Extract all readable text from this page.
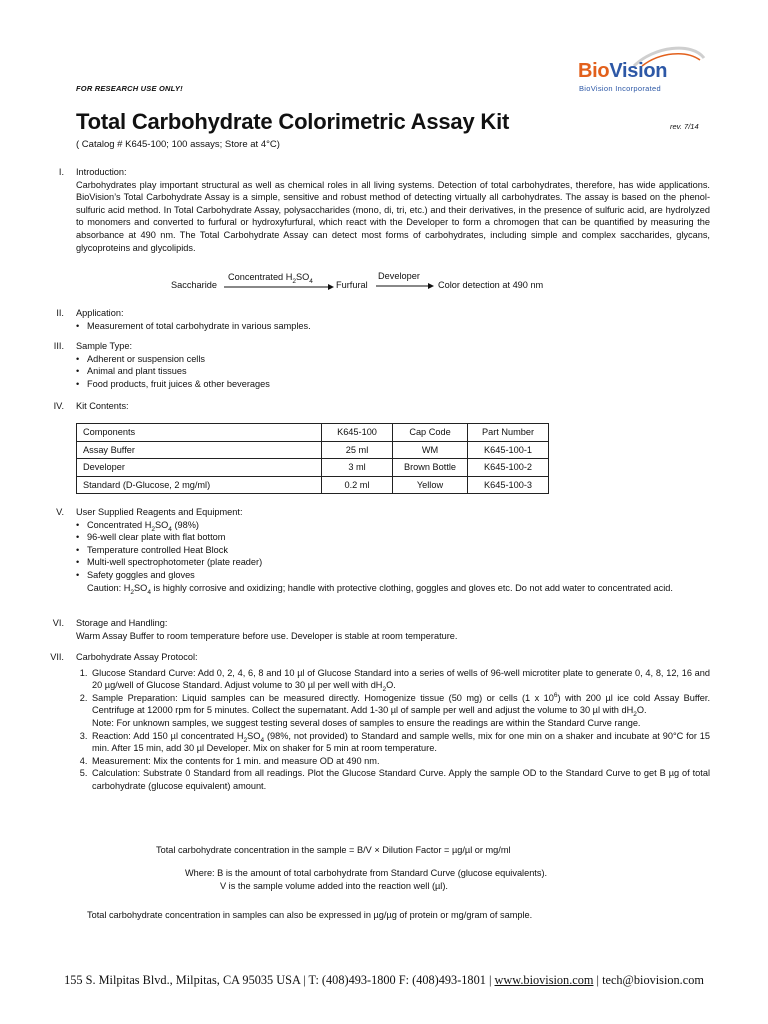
FOR RESEARCH USE ONLY!
BioVision
BioVision Incorporated
Total Carbohydrate Colorimetric Assay Kit	rev. 7/14
( Catalog # K645-100; 100 assays; Store at 4°C)
I. Introduction:
Carbohydrates play important structural as well as chemical roles in all living systems. Detection of total carbohydrates, therefore, has wide applications. BioVision’s Total Carbohydrate Assay is a simple, sensitive and robust method of detecting virtually all carbohydrates. The assay is based on the phenol-sulfuric acid method. In Total Carbohydrate Assay, polysaccharides (mono, di, tri, etc.) and their derivatives, in the presence of sulfuric acid, are hydrolyzed to monomers and converted to furfural or hydroxyfurfural, which react with the Developer to form a chromogen that can be quantified by measuring the absorbance at 490 nm. The Total Carbohydrate Assay can detect most forms of carbohydrates, including simple and complex saccharides, glycans, glycoproteins and glycolipids.
Saccharide
Concentrated $H_2SO_4$	Furfural
Developer
Color detection at 490 nm
II. Application:
• Measurement of total carbohydrate in various samples.
III. Sample Type:
• Adherent or suspension cells
• Animal and plant tissues
• Food products, fruit juices & other beverages
IV. Kit Contents:
Components	K645-100	Cap Code	Part Number
Assay Buffer	25 ml	WM	K645-100-1
Developer	3 ml	Brown Bottle	K645-100-2
Standard (D-Glucose, 2 mg/ml)	0.2 ml	Yellow	K645-100-3
V. User Supplied Reagents and Equipment:
• Concentrated $H_2SO_4$ (98%)
• 96-well clear plate with flat bottom
• Temperature controlled Heat Block
• Multi-well spectrophotometer (plate reader)
• Safety goggles and gloves
Caution: $H_2SO_4$ is highly corrosive and oxidizing; handle with protective clothing, goggles and gloves etc. Do not add water to concentrated acid.
VI. Storage and Handling:
Warm Assay Buffer to room temperature before use. Developer is stable at room temperature.
VII. Carbohydrate Assay Protocol:
1. Glucose Standard Curve: Add 0, 2, 4, 6, 8 and 10 µl of Glucose Standard into a series of wells of 96-well microtiter plate to generate 0, 4, 8, 12, 16 and 20 µg/well of Glucose Standard. Adjust volume to 30 µl per well with $dH_2O$.
2. Sample Preparation: Liquid samples can be measured directly. Homogenize tissue (50 mg) or cells (1 x $10^6$) with 200 µl ice cold Assay Buffer. Centrifuge at 12000 rpm for 5 minutes. Collect the supernatant. Add 1-30 µl of sample per well and adjust the volume to 30 µl with $dH_2O$.
Note: For unknown samples, we suggest testing several doses of samples to ensure the readings are within the Standard Curve range.
3. Reaction: Add 150 µl concentrated $H_2SO_4$ (98%, not provided) to Standard and sample wells, mix for one min on a shaker and incubate at 90°C for 15 min. After 15 min, add 30 µl Developer. Mix on shaker for 5 min at room temperature.
4. Measurement: Mix the contents for 1 min. and measure OD at 490 nm.
5. Calculation: Substrate 0 Standard from all readings. Plot the Glucose Standard Curve. Apply the sample OD to the Standard Curve to get B µg of total carbohydrate (glucose equivalent) amount.
Total carbohydrate concentration in the sample = B/V × Dilution Factor = µg/µl or mg/ml
Where: B is the amount of total carbohydrate from Standard Curve (glucose equivalents).
V is the sample volume added into the reaction well (µl).
Total carbohydrate concentration in samples can also be expressed in µg/µg of protein or mg/gram of sample.
155 S. Milpitas Blvd., Milpitas, CA 95035 USA | T: (408)493-1800 F: (408)493-1801 | www.biovision.com | tech@biovision.com
